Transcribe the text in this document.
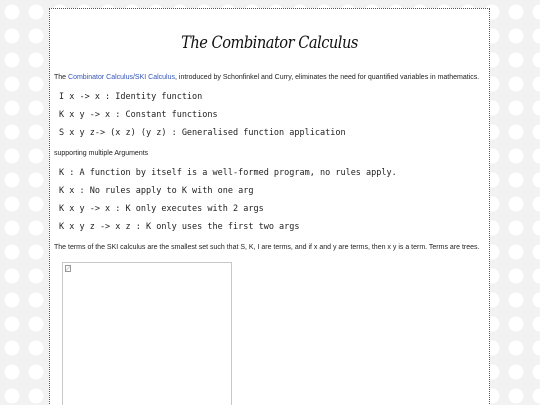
The Combinator Calculus

The Combinator Calculus/SKI Calculus, introduced by Schonfinkel and Curry, eliminates the need for quantified variables in mathematics.

I x -> x : Identity function
K x y -> x : Constant functions
S x y z-> (x z) (y z) : Generalised function application

supporting multiple Arguments

K : A function by itself is a well-formed program, no rules apply.
K x : No rules apply to K with one arg
K x y -> x : K only executes with 2 args
K x y z -> x z : K only uses the first two args

The terms of the SKI calculus are the smallest set such that S, K, I are terms, and if x and y are terms, then x y is a term. Terms are trees.
